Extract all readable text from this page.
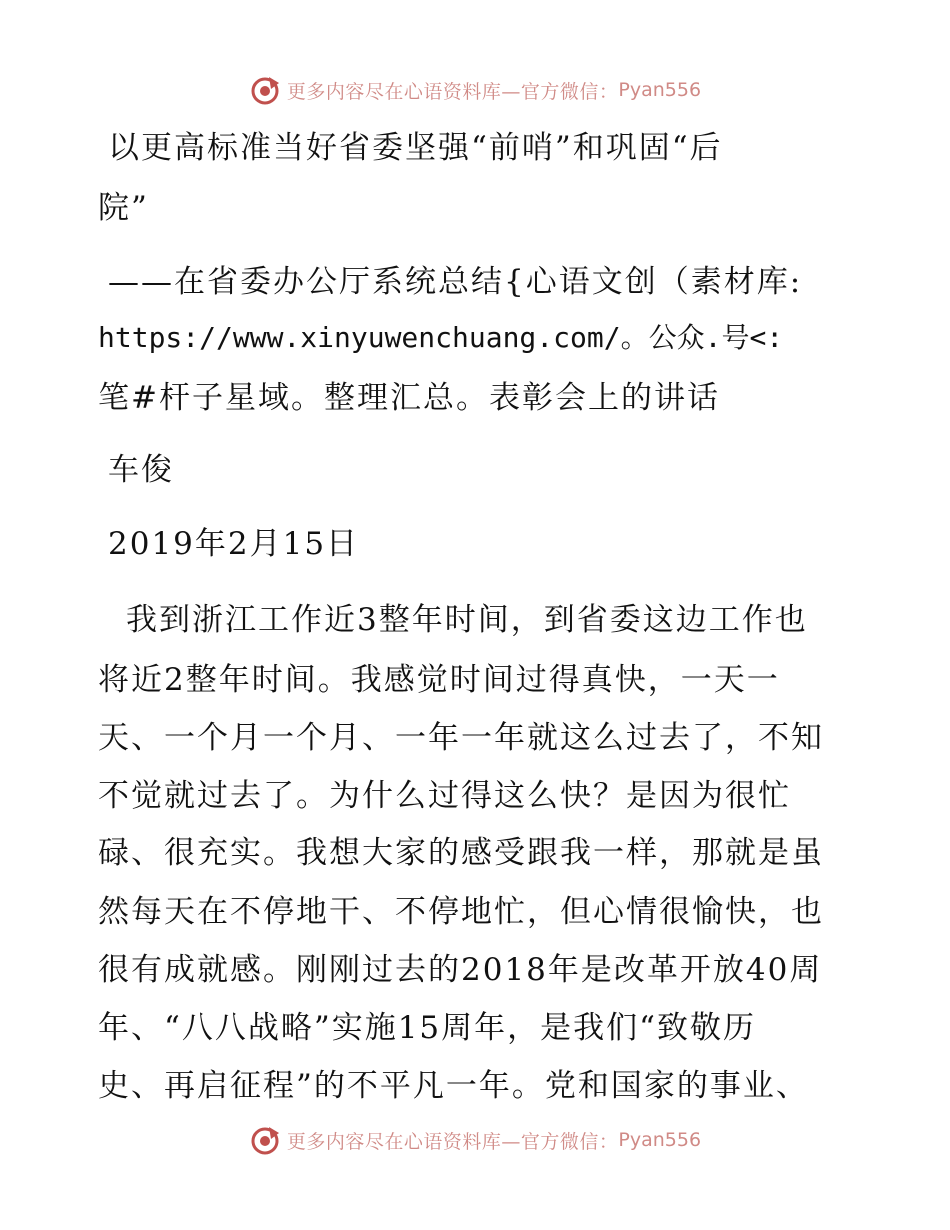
更多内容尽在心语资料库—官方微信： Pyan556
以更高标准当好省委坚强“前哨”和巩固“后
院”
——在省委办公厅系统总结{心语文创（素材库:
https://www.xinyuwenchuang.com/。公众.号<:
笔#杆子星域。整理汇总。表彰会上的讲话
车俊
2019年2月15日
我到浙江工作近3整年时间，到省委这边工作也
将近2整年时间。我感觉时间过得真快，一天一
天、一个月一个月、一年一年就这么过去了，不知
不觉就过去了。为什么过得这么快？是因为很忙
碌、很充实。我想大家的感受跟我一样，那就是虽
然每天在不停地干、不停地忙，但心情很愉快，也
很有成就感。刚刚过去的2018年是改革开放40周
年、“八八战略”实施15周年，是我们“致敬历
史、再启征程”的不平凡一年。党和国家的事业、
更多内容尽在心语资料库—官方微信： Pyan556
